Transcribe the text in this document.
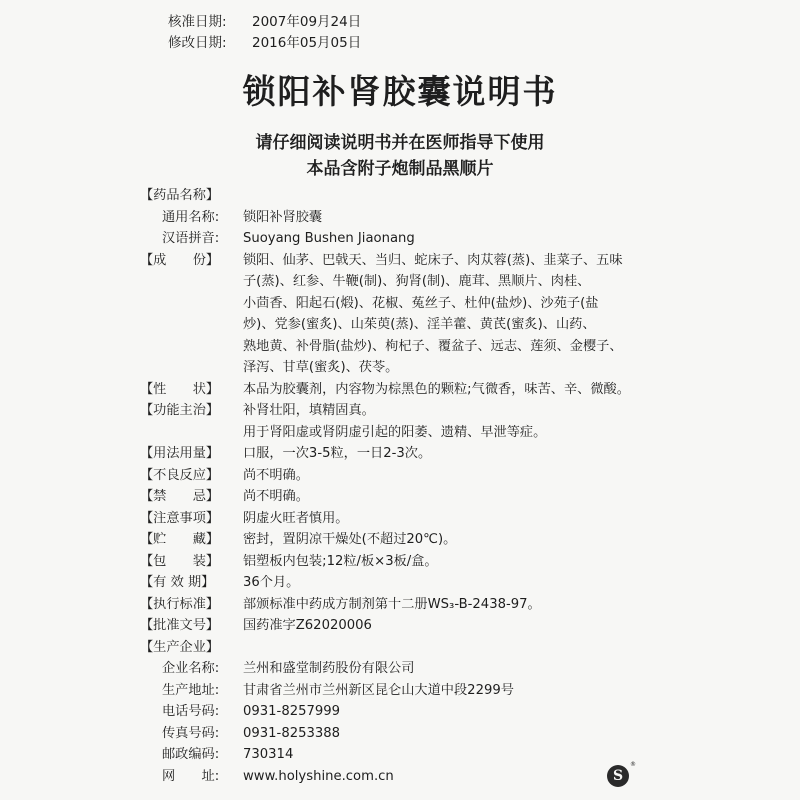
核准日期:	2007年09月24日
修改日期:	2016年05月05日
锁阳补肾胶囊说明书
请仔细阅读说明书并在医师指导下使用
本品含附子炮制品黑顺片
【药品名称】
通用名称:	锁阳补肾胶囊
汉语拼音:	Suoyang Bushen Jiaonang
【成　　份】	锁阳、仙茅、巴戟天、当归、蛇床子、肉苁蓉(蒸)、韭菜子、五味
子(蒸)、红参、牛鞭(制)、狗肾(制)、鹿茸、黑顺片、肉桂、
小茴香、阳起石(煅)、花椒、菟丝子、杜仲(盐炒)、沙苑子(盐
炒)、党参(蜜炙)、山茱萸(蒸)、淫羊藿、黄芪(蜜炙)、山药、
熟地黄、补骨脂(盐炒)、枸杞子、覆盆子、远志、莲须、金樱子、
泽泻、甘草(蜜炙)、茯苓。
【性　　状】	本品为胶囊剂，内容物为棕黑色的颗粒;气微香，味苦、辛、微酸。
【功能主治】	补肾壮阳，填精固真。
用于肾阳虚或肾阴虚引起的阳萎、遗精、早泄等症。
【用法用量】	口服，一次3-5粒，一日2-3次。
【不良反应】	尚不明确。
【禁　　忌】	尚不明确。
【注意事项】	阴虚火旺者慎用。
【贮　　藏】	密封，置阴凉干燥处(不超过20℃)。
【包　　装】	铝塑板内包装;12粒/板×3板/盒。
【有 效 期】	36个月。
【执行标准】	部颁标准中药成方制剂第十二册WS₃-B-2438-97。
【批准文号】	国药准字Z62020006
【生产企业】
企业名称:	兰州和盛堂制药股份有限公司
生产地址:	甘肃省兰州市兰州新区昆仑山大道中段2299号
电话号码:	0931-8257999
传真号码:	0931-8253388
邮政编码:	730314
网　　址:	www.holyshine.com.cn	S
®
